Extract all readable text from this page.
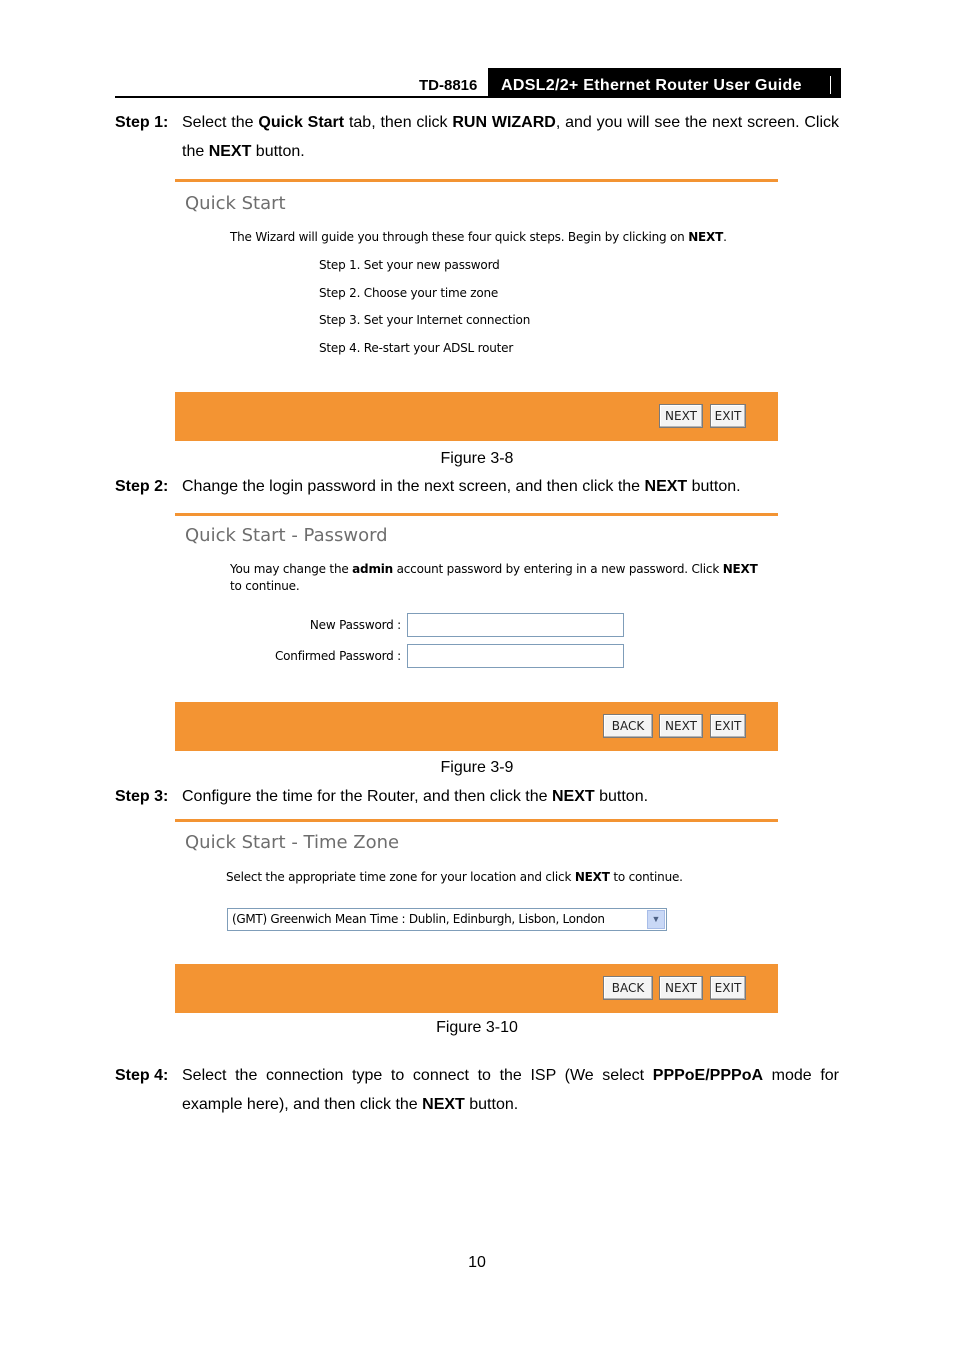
TD-8816	ADSL2/2+ Ethernet Router User Guide
Step 1: Select the Quick Start tab, then click RUN WIZARD, and you will see the next screen. Click the NEXT button.
Quick Start
The Wizard will guide you through these four quick steps. Begin by clicking on NEXT.
Step 1. Set your new password
Step 2. Choose your time zone
Step 3. Set your Internet connection
Step 4. Re-start your ADSL router
NEXT	EXIT
Figure 3-8
Step 2: Change the login password in the next screen, and then click the NEXT button.
Quick Start - Password
You may change the admin account password by entering in a new password. Click NEXT to continue.
New Password :
Confirmed Password :
BACK	NEXT	EXIT
Figure 3-9
Step 3: Configure the time for the Router, and then click the NEXT button.
Quick Start - Time Zone
Select the appropriate time zone for your location and click NEXT to continue.
(GMT) Greenwich Mean Time : Dublin, Edinburgh, Lisbon, London	▼
BACK	NEXT	EXIT
Figure 3-10
Step 4: Select the connection type to connect to the ISP (We select PPPoE/PPPoA mode for example here), and then click the NEXT button.
10
